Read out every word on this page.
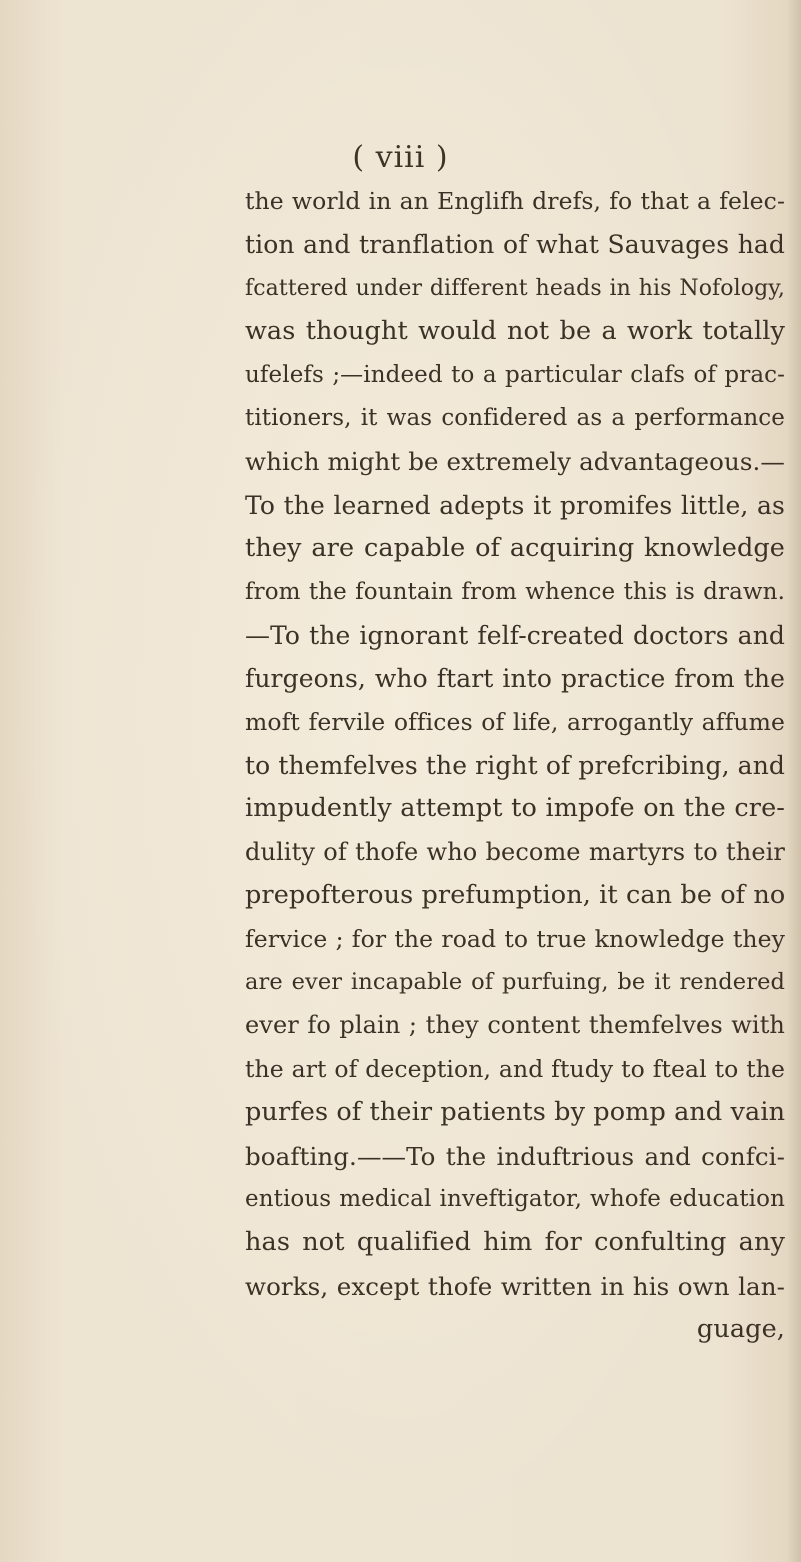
( viii )
the world in an Englifh drefs, fo that a felec-
tion and tranflation of what Sauvages had
fcattered under different heads in his Nofology,
was thought would not be a work totally
ufelefs ;—indeed to a particular clafs of prac-
titioners, it was confidered as a performance
which might be extremely advantageous.—
To the learned adepts it promifes little, as
they are capable of acquiring knowledge
from the fountain from whence this is drawn.
—To the ignorant felf-created doctors and
furgeons, who ftart into practice from the
moft fervile offices of life, arrogantly affume
to themfelves the right of prefcribing, and
impudently attempt to impofe on the cre-
dulity of thofe who become martyrs to their
prepofterous prefumption, it can be of no
fervice ; for the road to true knowledge they
are ever incapable of purfuing, be it rendered
ever fo plain ; they content themfelves with
the art of deception, and ftudy to fteal to the
purfes of their patients by pomp and vain
boafting.——To the induftrious and confci-
entious medical inveftigator, whofe education
has not qualified him for confulting any
works, except thofe written in his own lan-
guage,
